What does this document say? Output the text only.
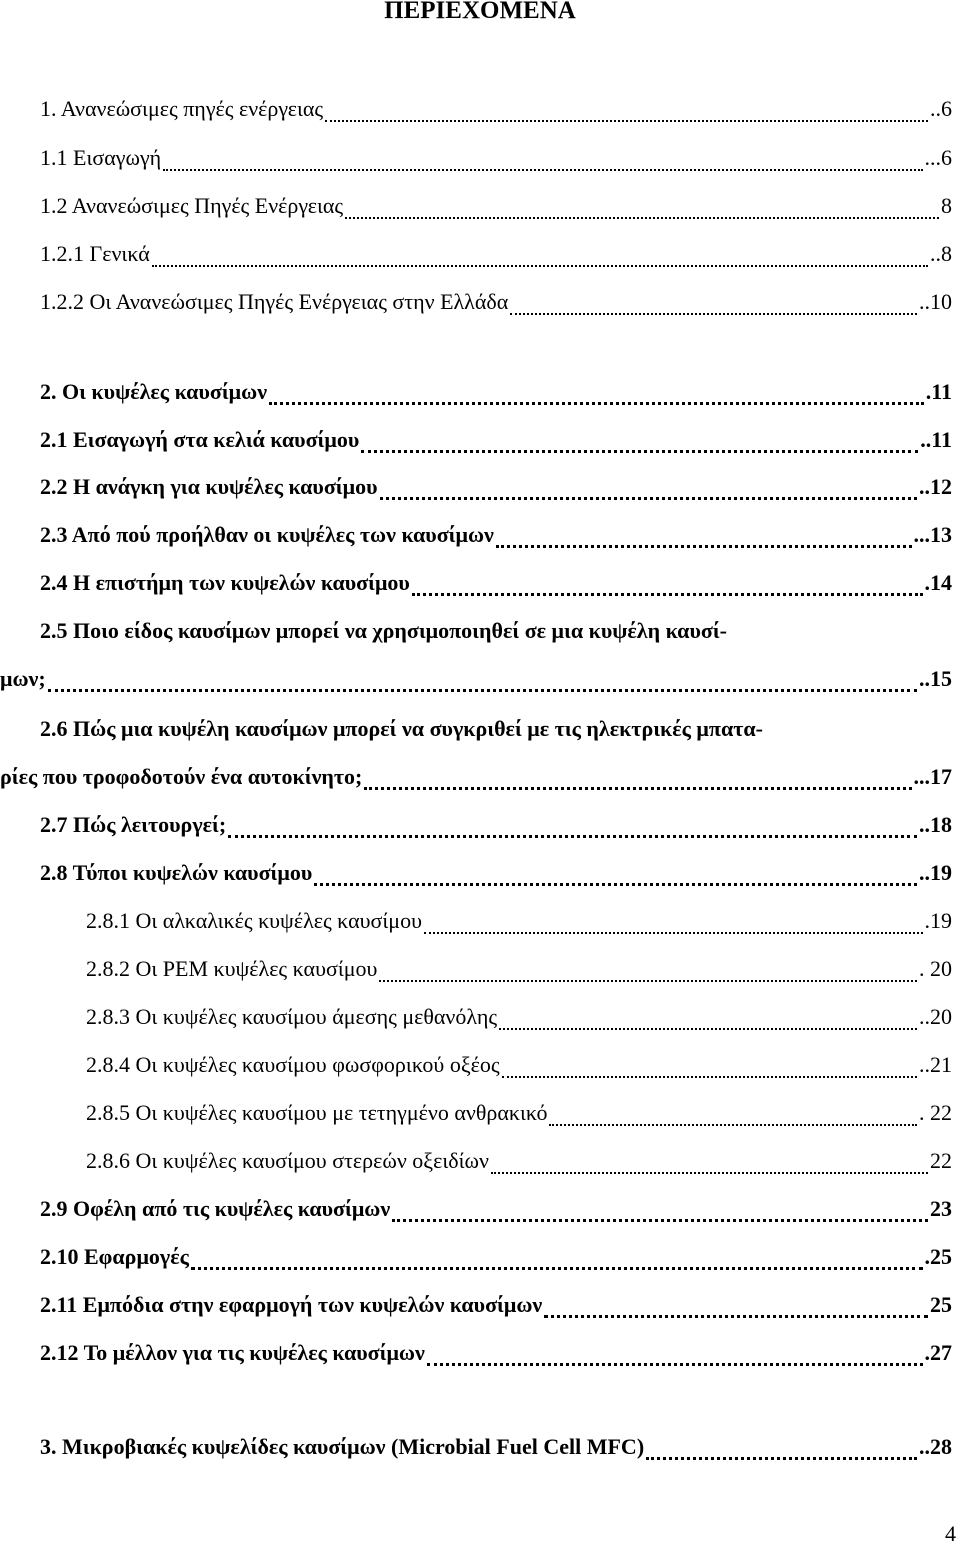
ΠΕΡΙΕΧΟΜΕΝΑ
1. Ανανεώσιμες πηγές ενέργειας	..6
1.1 Εισαγωγή	...6
1.2 Ανανεώσιμες Πηγές Ενέργειας	8
1.2.1 Γενικά	..8
1.2.2 Οι Ανανεώσιμες Πηγές Ενέργειας στην Ελλάδα	..10
2. Οι κυψέλες καυσίμων	.11
2.1 Εισαγωγή στα κελιά καυσίμου	..11
2.2 Η ανάγκη για κυψέλες καυσίμου	..12
2.3 Από πού προήλθαν οι κυψέλες των καυσίμων	...13
2.4 Η επιστήμη των κυψελών καυσίμου	.14
2.5 Ποιο είδος καυσίμων μπορεί να χρησιμοποιηθεί σε μια κυψέλη καυσί-
μων;	..15
2.6 Πώς μια κυψέλη καυσίμων μπορεί να συγκριθεί με τις ηλεκτρικές μπατα-
ρίες που τροφοδοτούν ένα αυτοκίνητο;	...17
2.7 Πώς λειτουργεί;	..18
2.8 Τύποι κυψελών καυσίμου	..19
2.8.1 Οι αλκαλικές κυψέλες καυσίμου	.19
2.8.2 Οι PEM κυψέλες καυσίμου	. 20
2.8.3 Οι κυψέλες καυσίμου άμεσης μεθανόλης	..20
2.8.4 Οι κυψέλες καυσίμου φωσφορικού οξέος	..21
2.8.5 Οι κυψέλες καυσίμου με τετηγμένο ανθρακικό	. 22
2.8.6 Οι κυψέλες καυσίμου στερεών οξειδίων	22
2.9 Οφέλη από τις κυψέλες καυσίμων	23
2.10 Εφαρμογές	.25
2.11 Εμπόδια στην εφαρμογή των κυψελών καυσίμων	25
2.12 Το μέλλον για τις κυψέλες καυσίμων	.27
3. Μικροβιακές κυψελίδες καυσίμων (Microbial Fuel Cell MFC)	..28
4
